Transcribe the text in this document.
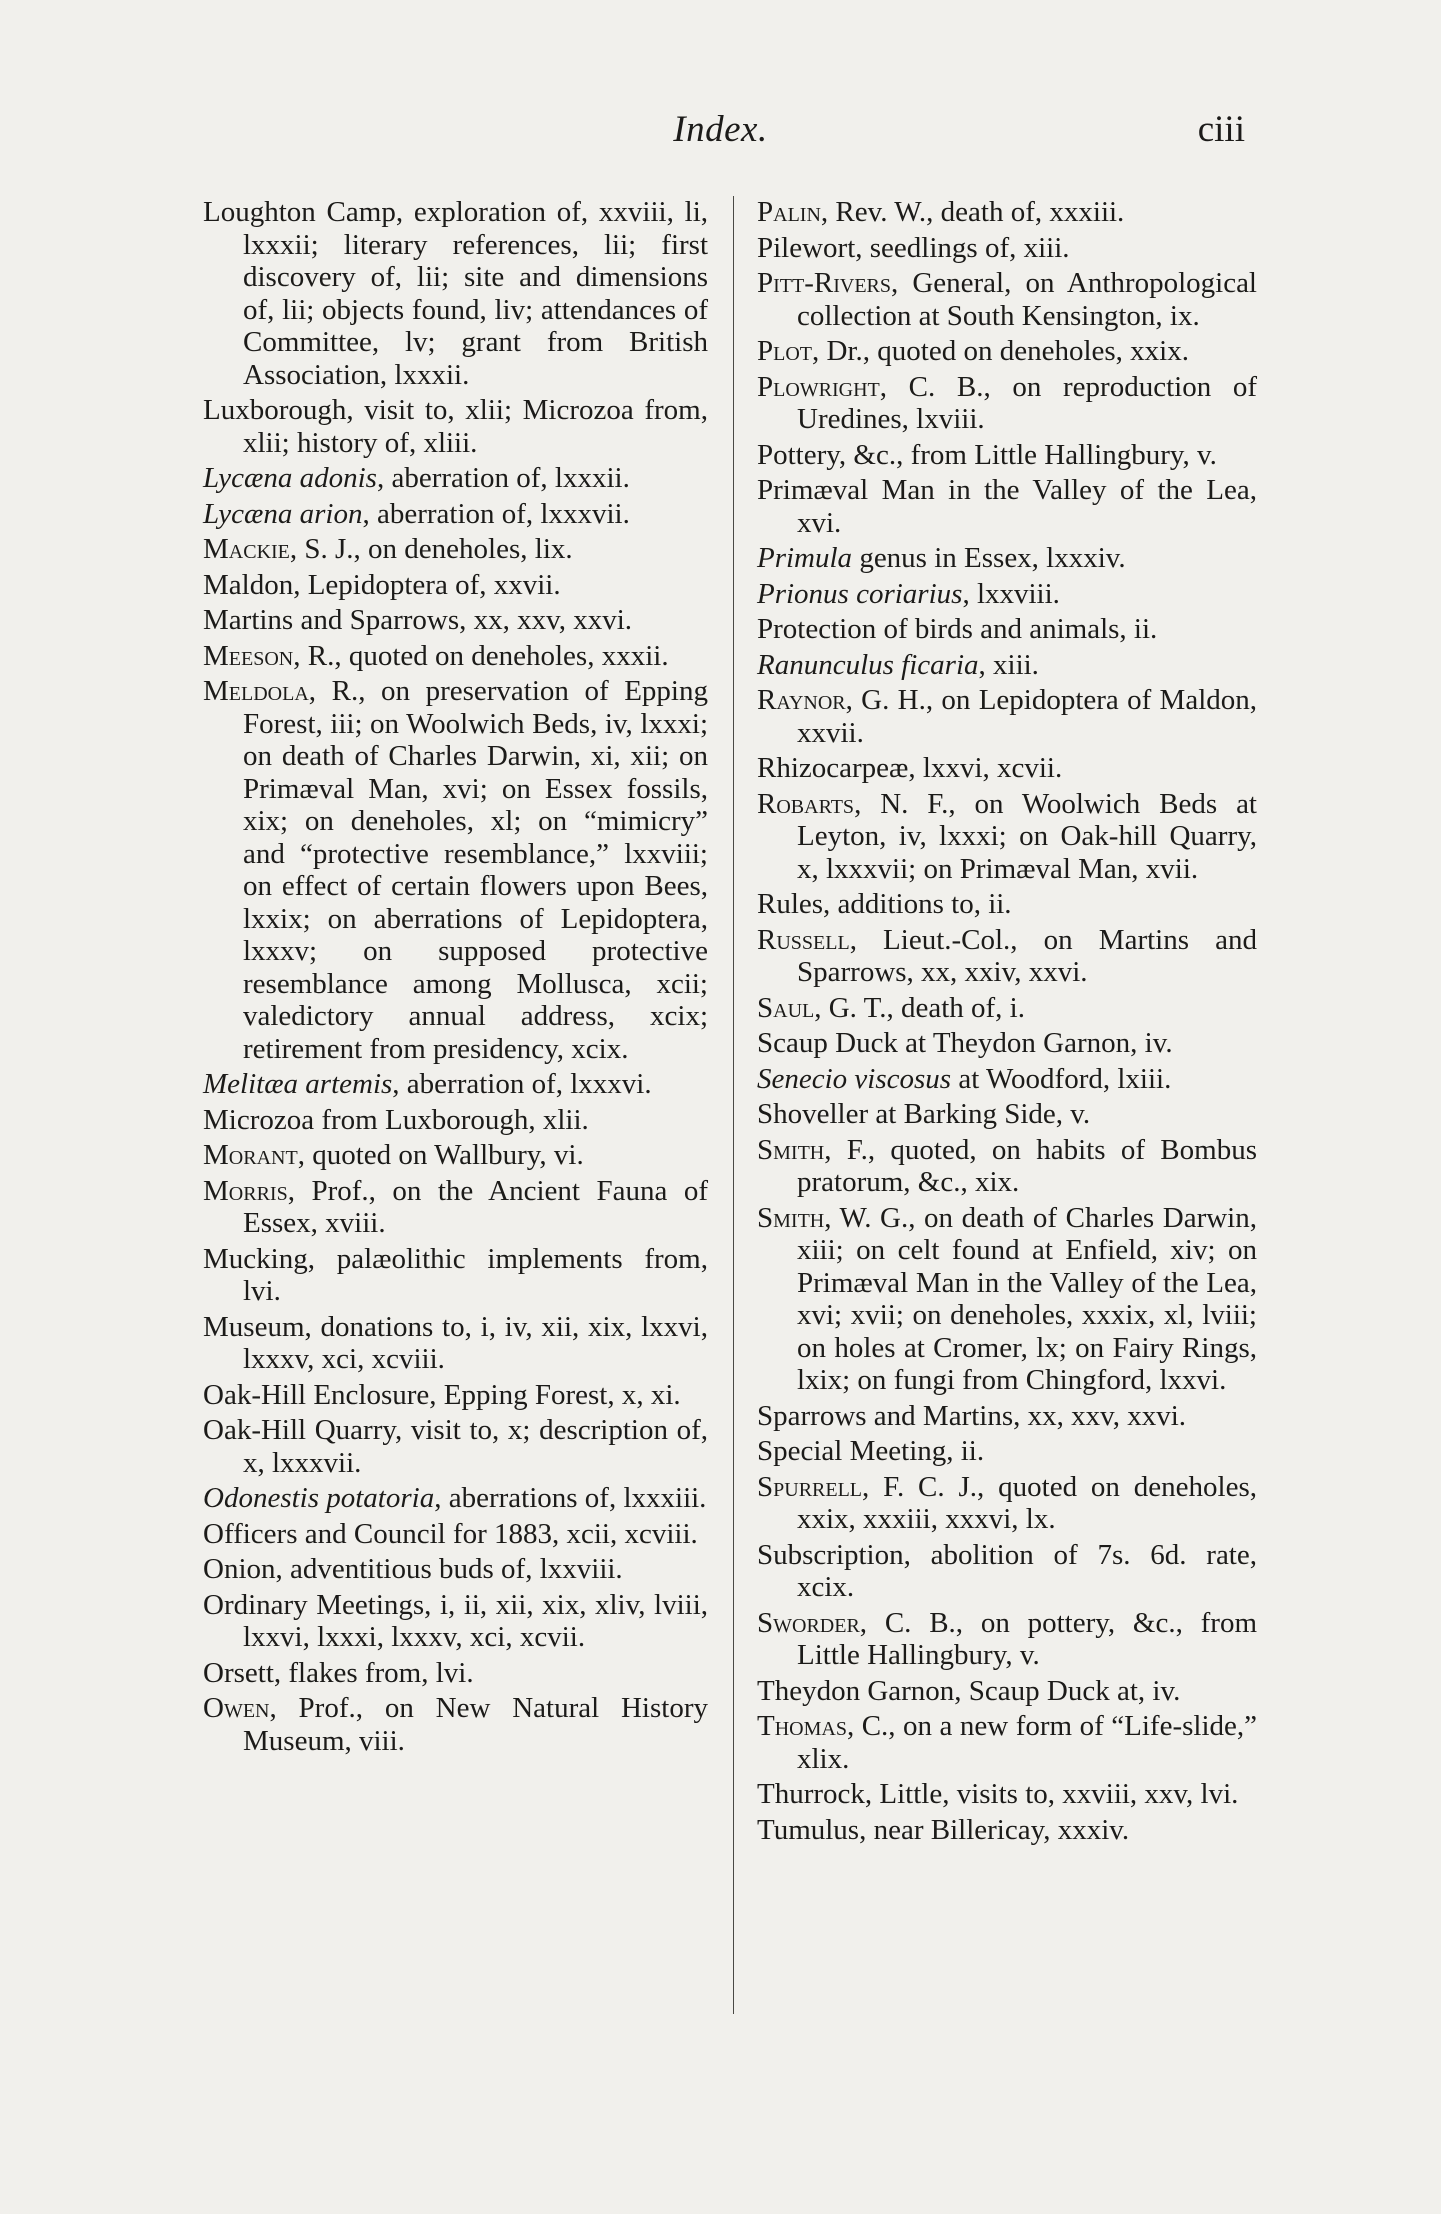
Index.	ciii

Loughton Camp, exploration of, xxviii, li, lxxxii; literary references, lii; first discovery of, lii; site and dimensions of, lii; objects found, liv; attendances of Committee, lv; grant from British Association, lxxxii.

Luxborough, visit to, xlii; Microzoa from, xlii; history of, xliii.

Lycæna adonis, aberration of, lxxxii.

Lycæna arion, aberration of, lxxxvii.

Mackie, S. J., on deneholes, lix.

Maldon, Lepidoptera of, xxvii.

Martins and Sparrows, xx, xxv, xxvi.

Meeson, R., quoted on deneholes, xxxii.

Meldola, R., on preservation of Epping Forest, iii; on Woolwich Beds, iv, lxxxi; on death of Charles Darwin, xi, xii; on Primæval Man, xvi; on Essex fossils, xix; on deneholes, xl; on “mimicry” and “protective resemblance,” lxxviii; on effect of certain flowers upon Bees, lxxix; on aberrations of Lepidoptera, lxxxv; on supposed protective resemblance among Mollusca, xcii; valedictory annual address, xcix; retirement from presidency, xcix.

Melitæa artemis, aberration of, lxxxvi.

Microzoa from Luxborough, xlii.

Morant, quoted on Wallbury, vi.

Morris, Prof., on the Ancient Fauna of Essex, xviii.

Mucking, palæolithic implements from, lvi.

Museum, donations to, i, iv, xii, xix, lxxvi, lxxxv, xci, xcviii.

Oak-Hill Enclosure, Epping Forest, x, xi.

Oak-Hill Quarry, visit to, x; description of, x, lxxxvii.

Odonestis potatoria, aberrations of, lxxxiii.

Officers and Council for 1883, xcii, xcviii.

Onion, adventitious buds of, lxxviii.

Ordinary Meetings, i, ii, xii, xix, xliv, lviii, lxxvi, lxxxi, lxxxv, xci, xcvii.

Orsett, flakes from, lvi.

Owen, Prof., on New Natural History Museum, viii.

Palin, Rev. W., death of, xxxiii.

Pilewort, seedlings of, xiii.

Pitt-Rivers, General, on Anthropological collection at South Kensington, ix.

Plot, Dr., quoted on deneholes, xxix.

Plowright, C. B., on reproduction of Uredines, lxviii.

Pottery, &c., from Little Hallingbury, v.

Primæval Man in the Valley of the Lea, xvi.

Primula genus in Essex, lxxxiv.

Prionus coriarius, lxxviii.

Protection of birds and animals, ii.

Ranunculus ficaria, xiii.

Raynor, G. H., on Lepidoptera of Maldon, xxvii.

Rhizocarpeæ, lxxvi, xcvii.

Robarts, N. F., on Woolwich Beds at Leyton, iv, lxxxi; on Oak-hill Quarry, x, lxxxvii; on Primæval Man, xvii.

Rules, additions to, ii.

Russell, Lieut.-Col., on Martins and Sparrows, xx, xxiv, xxvi.

Saul, G. T., death of, i.

Scaup Duck at Theydon Garnon, iv.

Senecio viscosus at Woodford, lxiii.

Shoveller at Barking Side, v.

Smith, F., quoted, on habits of Bombus pratorum, &c., xix.

Smith, W. G., on death of Charles Darwin, xiii; on celt found at Enfield, xiv; on Primæval Man in the Valley of the Lea, xvi; xvii; on deneholes, xxxix, xl, lviii; on holes at Cromer, lx; on Fairy Rings, lxix; on fungi from Chingford, lxxvi.

Sparrows and Martins, xx, xxv, xxvi.

Special Meeting, ii.

Spurrell, F. C. J., quoted on deneholes, xxix, xxxiii, xxxvi, lx.

Subscription, abolition of 7s. 6d. rate, xcix.

Sworder, C. B., on pottery, &c., from Little Hallingbury, v.

Theydon Garnon, Scaup Duck at, iv.

Thomas, C., on a new form of “Life-slide,” xlix.

Thurrock, Little, visits to, xxviii, xxv, lvi.

Tumulus, near Billericay, xxxiv.
